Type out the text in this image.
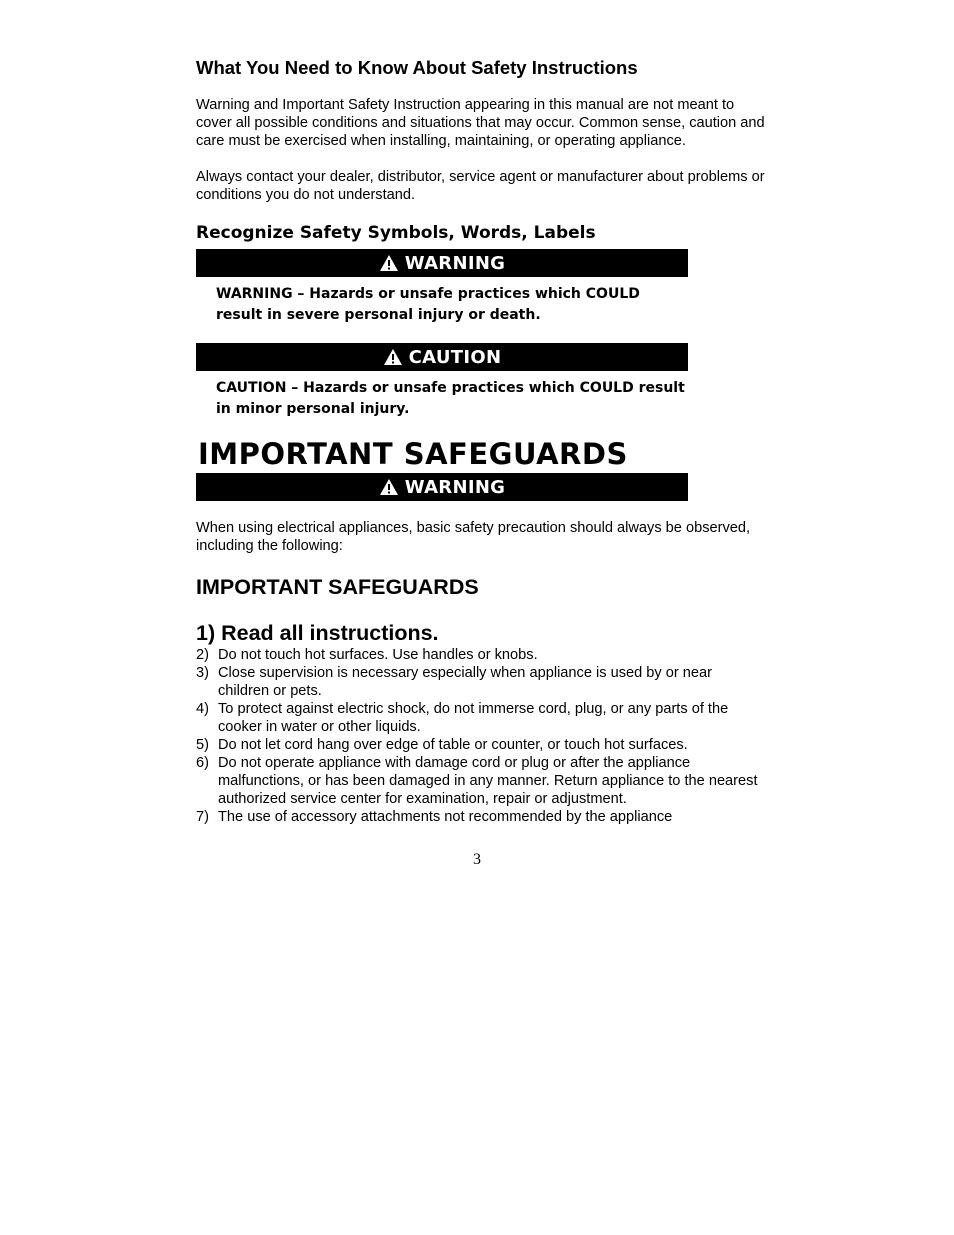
What You Need to Know About Safety Instructions

Warning and Important Safety Instruction appearing in this manual are not meant to cover all possible conditions and situations that may occur. Common sense, caution and care must be exercised when installing, maintaining, or operating appliance.

Always contact your dealer, distributor, service agent or manufacturer about problems or conditions you do not understand.

Recognize Safety Symbols, Words, Labels
WARNING

WARNING – Hazards or unsafe practices which COULD result in severe personal injury or death.

CAUTION

CAUTION – Hazards or unsafe practices which COULD result in minor personal injury.

IMPORTANT SAFEGUARDS
WARNING

When using electrical appliances, basic safety precaution should always be observed, including the following:

IMPORTANT SAFEGUARDS
1) Read all instructions.
2) Do not touch hot surfaces. Use handles or knobs.
3) Close supervision is necessary especially when appliance is used by or near children or pets.
4) To protect against electric shock, do not immerse cord, plug, or any parts of the cooker in water or other liquids.
5) Do not let cord hang over edge of table or counter, or touch hot surfaces.
6) Do not operate appliance with damage cord or plug or after the appliance malfunctions, or has been damaged in any manner. Return appliance to the nearest authorized service center for examination, repair or adjustment.
7) The use of accessory attachments not recommended by the appliance
3
